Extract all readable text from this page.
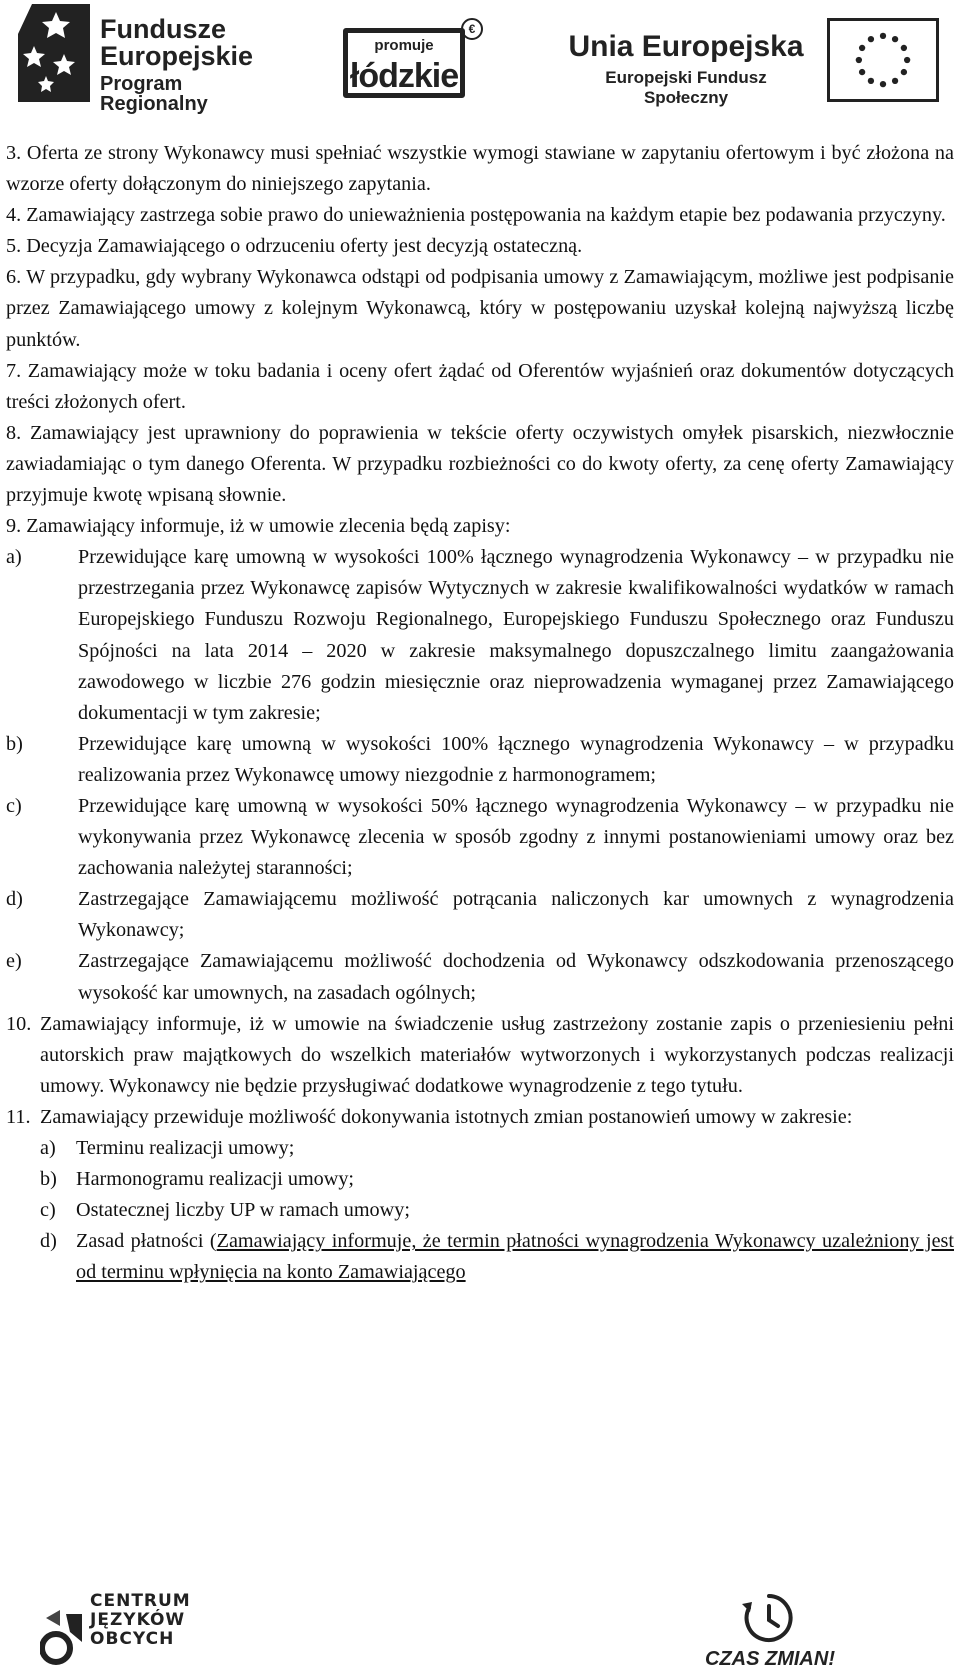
Fundusze
Europejskie
Program Regionalny
promuje
łódzkie
€
Unia Europejska
Europejski Fundusz Społeczny

3. Oferta ze strony Wykonawcy musi spełniać wszystkie wymogi stawiane w zapytaniu ofertowym i być złożona na wzorze oferty dołączonym do niniejszego zapytania.

4. Zamawiający zastrzega sobie prawo do unieważnienia postępowania na każdym etapie bez podawania przyczyny.

5. Decyzja Zamawiającego o odrzuceniu oferty jest decyzją ostateczną.

6. W przypadku, gdy wybrany Wykonawca odstąpi od podpisania umowy z Zamawiającym, możliwe jest podpisanie przez Zamawiającego umowy z kolejnym Wykonawcą, który w postępowaniu uzyskał kolejną najwyższą liczbę punktów.

7. Zamawiający może w toku badania i oceny ofert żądać od Oferentów wyjaśnień oraz dokumentów dotyczących treści złożonych ofert.

8. Zamawiający jest uprawniony do poprawienia w tekście oferty oczywistych omyłek pisarskich, niezwłocznie zawiadamiając o tym danego Oferenta. W przypadku rozbieżności co do kwoty oferty, za cenę oferty Zamawiający przyjmuje kwotę wpisaną słownie.

9. Zamawiający informuje, iż w umowie zlecenia będą zapisy:

a)	Przewidujące karę umowną w wysokości 100% łącznego wynagrodzenia Wykonawcy – w przypadku nie przestrzegania przez Wykonawcę zapisów Wytycznych w zakresie kwalifikowalności wydatków w ramach Europejskiego Funduszu Rozwoju Regionalnego, Europejskiego Funduszu Społecznego oraz Funduszu Spójności na lata 2014 – 2020 w zakresie maksymalnego dopuszczalnego limitu zaangażowania zawodowego w liczbie 276 godzin miesięcznie oraz nieprowadzenia wymaganej przez Zamawiającego dokumentacji w tym zakresie;
b)	Przewidujące karę umowną w wysokości 100% łącznego wynagrodzenia Wykonawcy – w przypadku realizowania przez Wykonawcę umowy niezgodnie z harmonogramem;
c)	Przewidujące karę umowną w wysokości 50% łącznego wynagrodzenia Wykonawcy – w przypadku nie wykonywania przez Wykonawcę zlecenia w sposób zgodny z innymi postanowieniami umowy oraz bez zachowania należytej staranności;
d)	Zastrzegające Zamawiającemu możliwość potrącania naliczonych kar umownych z wynagrodzenia Wykonawcy;
e)	Zastrzegające Zamawiającemu możliwość dochodzenia od Wykonawcy odszkodowania przenoszącego wysokość kar umownych, na zasadach ogólnych;
10. Zamawiający informuje, iż w umowie na świadczenie usług zastrzeżony zostanie zapis o przeniesieniu pełni autorskich praw majątkowych do wszelkich materiałów wytworzonych i wykorzystanych podczas realizacji umowy. Wykonawcy nie będzie przysługiwać dodatkowe wynagrodzenie z tego tytułu.
11. Zamawiający przewiduje możliwość dokonywania istotnych zmian postanowień umowy w zakresie:
a)	Terminu realizacji umowy;
b) Harmonogramu realizacji umowy;
c)	Ostatecznej liczby UP w ramach umowy;
d) Zasad płatności (Zamawiający informuje, że termin płatności wynagrodzenia Wykonawcy uzależniony jest od terminu wpłynięcia na konto Zamawiającego
CENTRUM
JĘZYKÓW
OBCYCH
CZAS ZMIAN!
